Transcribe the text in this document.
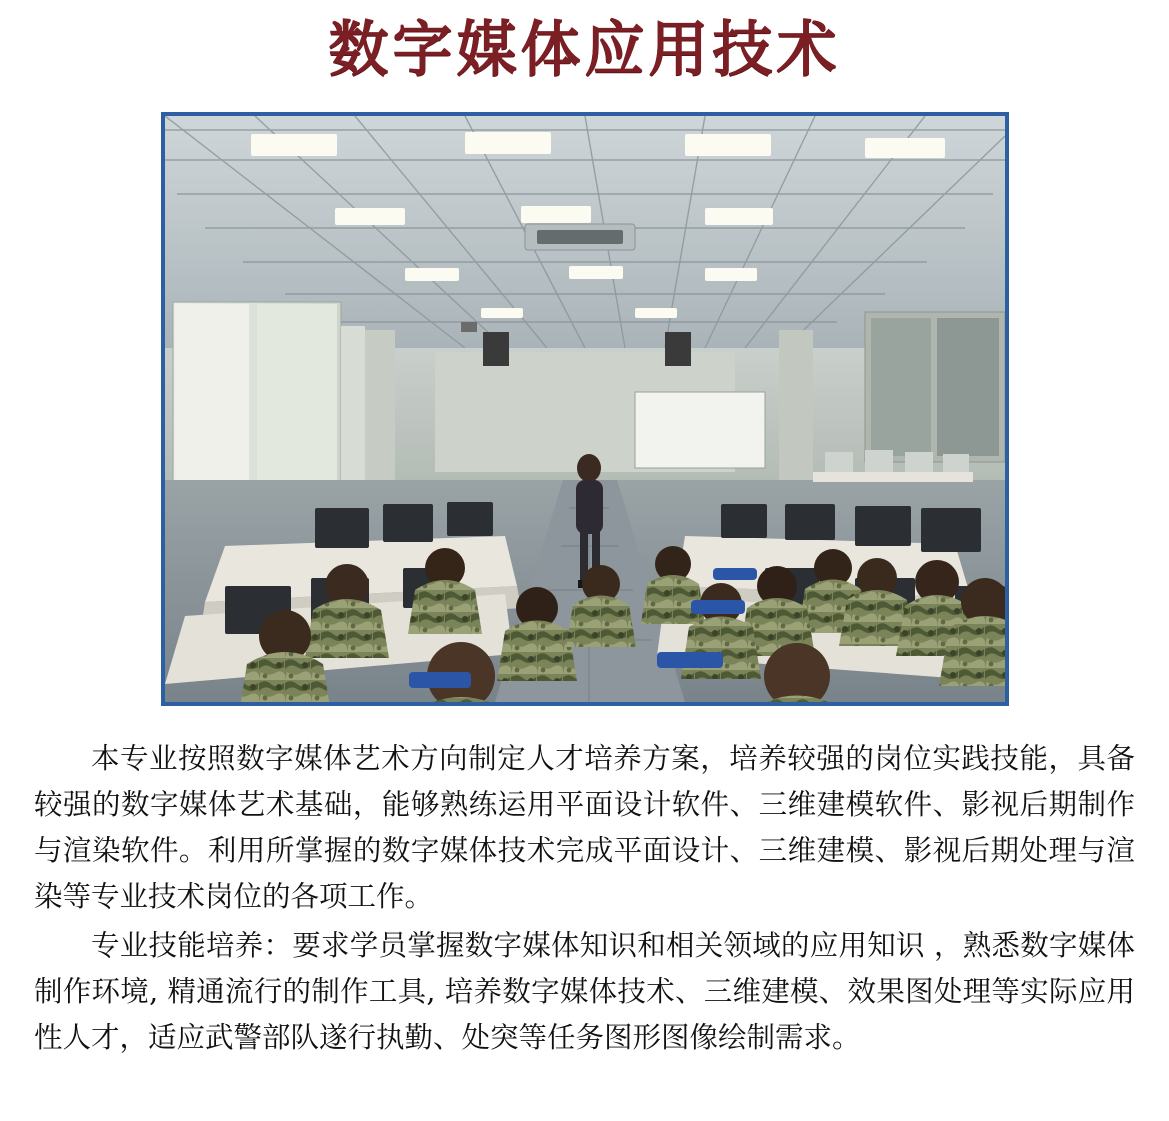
数字媒体应用技术

本专业按照数字媒体艺术方向制定人才培养方案，培养较强的岗位实践技能，具备较强的数字媒体艺术基础，能够熟练运用平面设计软件、三维建模软件、影视后期制作与渲染软件。利用所掌握的数字媒体技术完成平面设计、三维建模、影视后期处理与渲染等专业技术岗位的各项工作。

专业技能培养：要求学员掌握数字媒体知识和相关领域的应用知识 ，熟悉数字媒体制作环境, 精通流行的制作工具, 培养数字媒体技术、三维建模、效果图处理等实际应用性人才，适应武警部队遂行执勤、处突等任务图形图像绘制需求。
